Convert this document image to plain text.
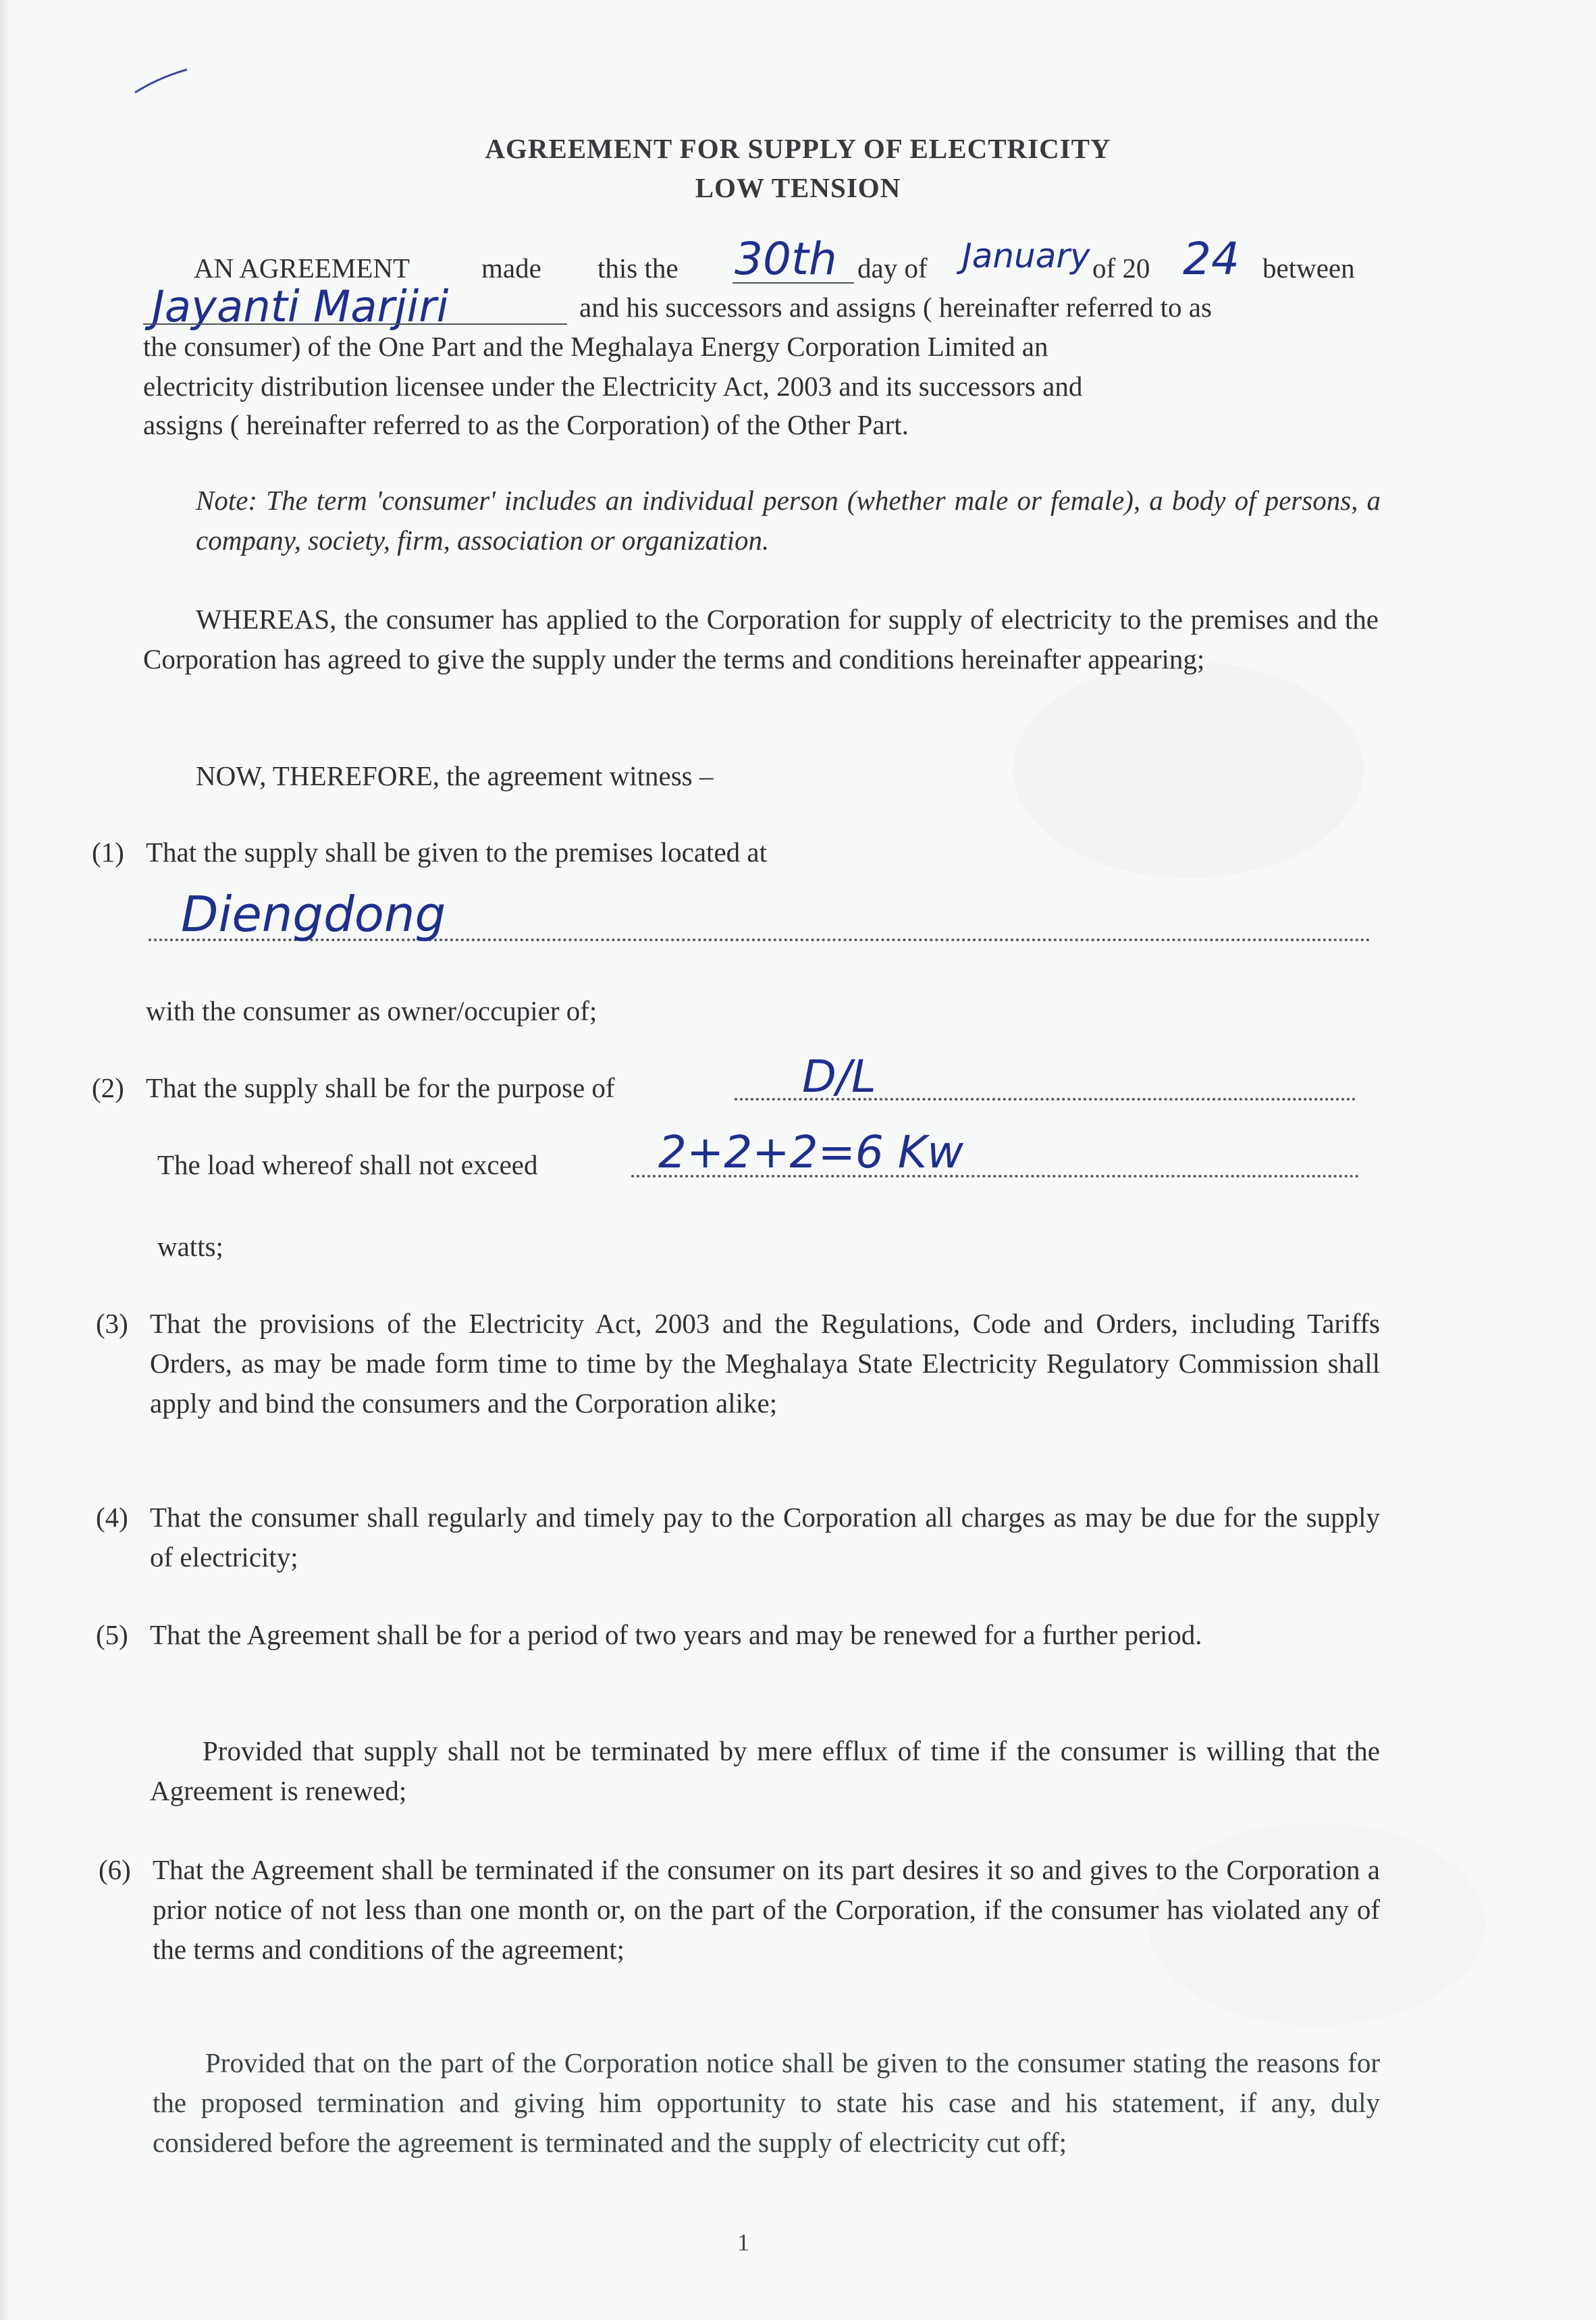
AGREEMENT FOR SUPPLY OF ELECTRICITY
LOW TENSION
AN AGREEMENT	made this the 30th day of January of 20 24 between
Jayanti Marjiri	and his successors and assigns ( hereinafter referred to as
the consumer) of the One Part and the Meghalaya Energy Corporation Limited an
electricity distribution licensee under the Electricity Act, 2003 and its successors and
assigns ( hereinafter referred to as the Corporation) of the Other Part.
Note: The term 'consumer' includes an individual person (whether male or female), a body of persons, a company, society, firm, association or organization.
WHEREAS, the consumer has applied to the Corporation for supply of electricity to the premises and the Corporation has agreed to give the supply under the terms and conditions hereinafter appearing;
NOW, THEREFORE, the agreement witness –
(1) That the supply shall be given to the premises located at
Diengdong
with the consumer as owner/occupier of;
(2) That the supply shall be for the purpose of	D/L
The load whereof shall not exceed	2+2+2=6 Kw
watts;
(3) That the provisions of the Electricity Act, 2003 and the Regulations, Code and Orders, including Tariffs Orders, as may be made form time to time by the Meghalaya State Electricity Regulatory Commission shall apply and bind the consumers and the Corporation alike;
(4) That the consumer shall regularly and timely pay to the Corporation all charges as may be due for the supply of electricity;
(5) That the Agreement shall be for a period of two years and may be renewed for a further period.
Provided that supply shall not be terminated by mere efflux of time if the consumer is willing that the Agreement is renewed;
(6) That the Agreement shall be terminated if the consumer on its part desires it so and gives to the Corporation a prior notice of not less than one month or, on the part of the Corporation, if the consumer has violated any of the terms and conditions of the agreement;
Provided that on the part of the Corporation notice shall be given to the consumer stating the reasons for the proposed termination and giving him opportunity to state his case and his statement, if any, duly considered before the agreement is terminated and the supply of electricity cut off;
1
